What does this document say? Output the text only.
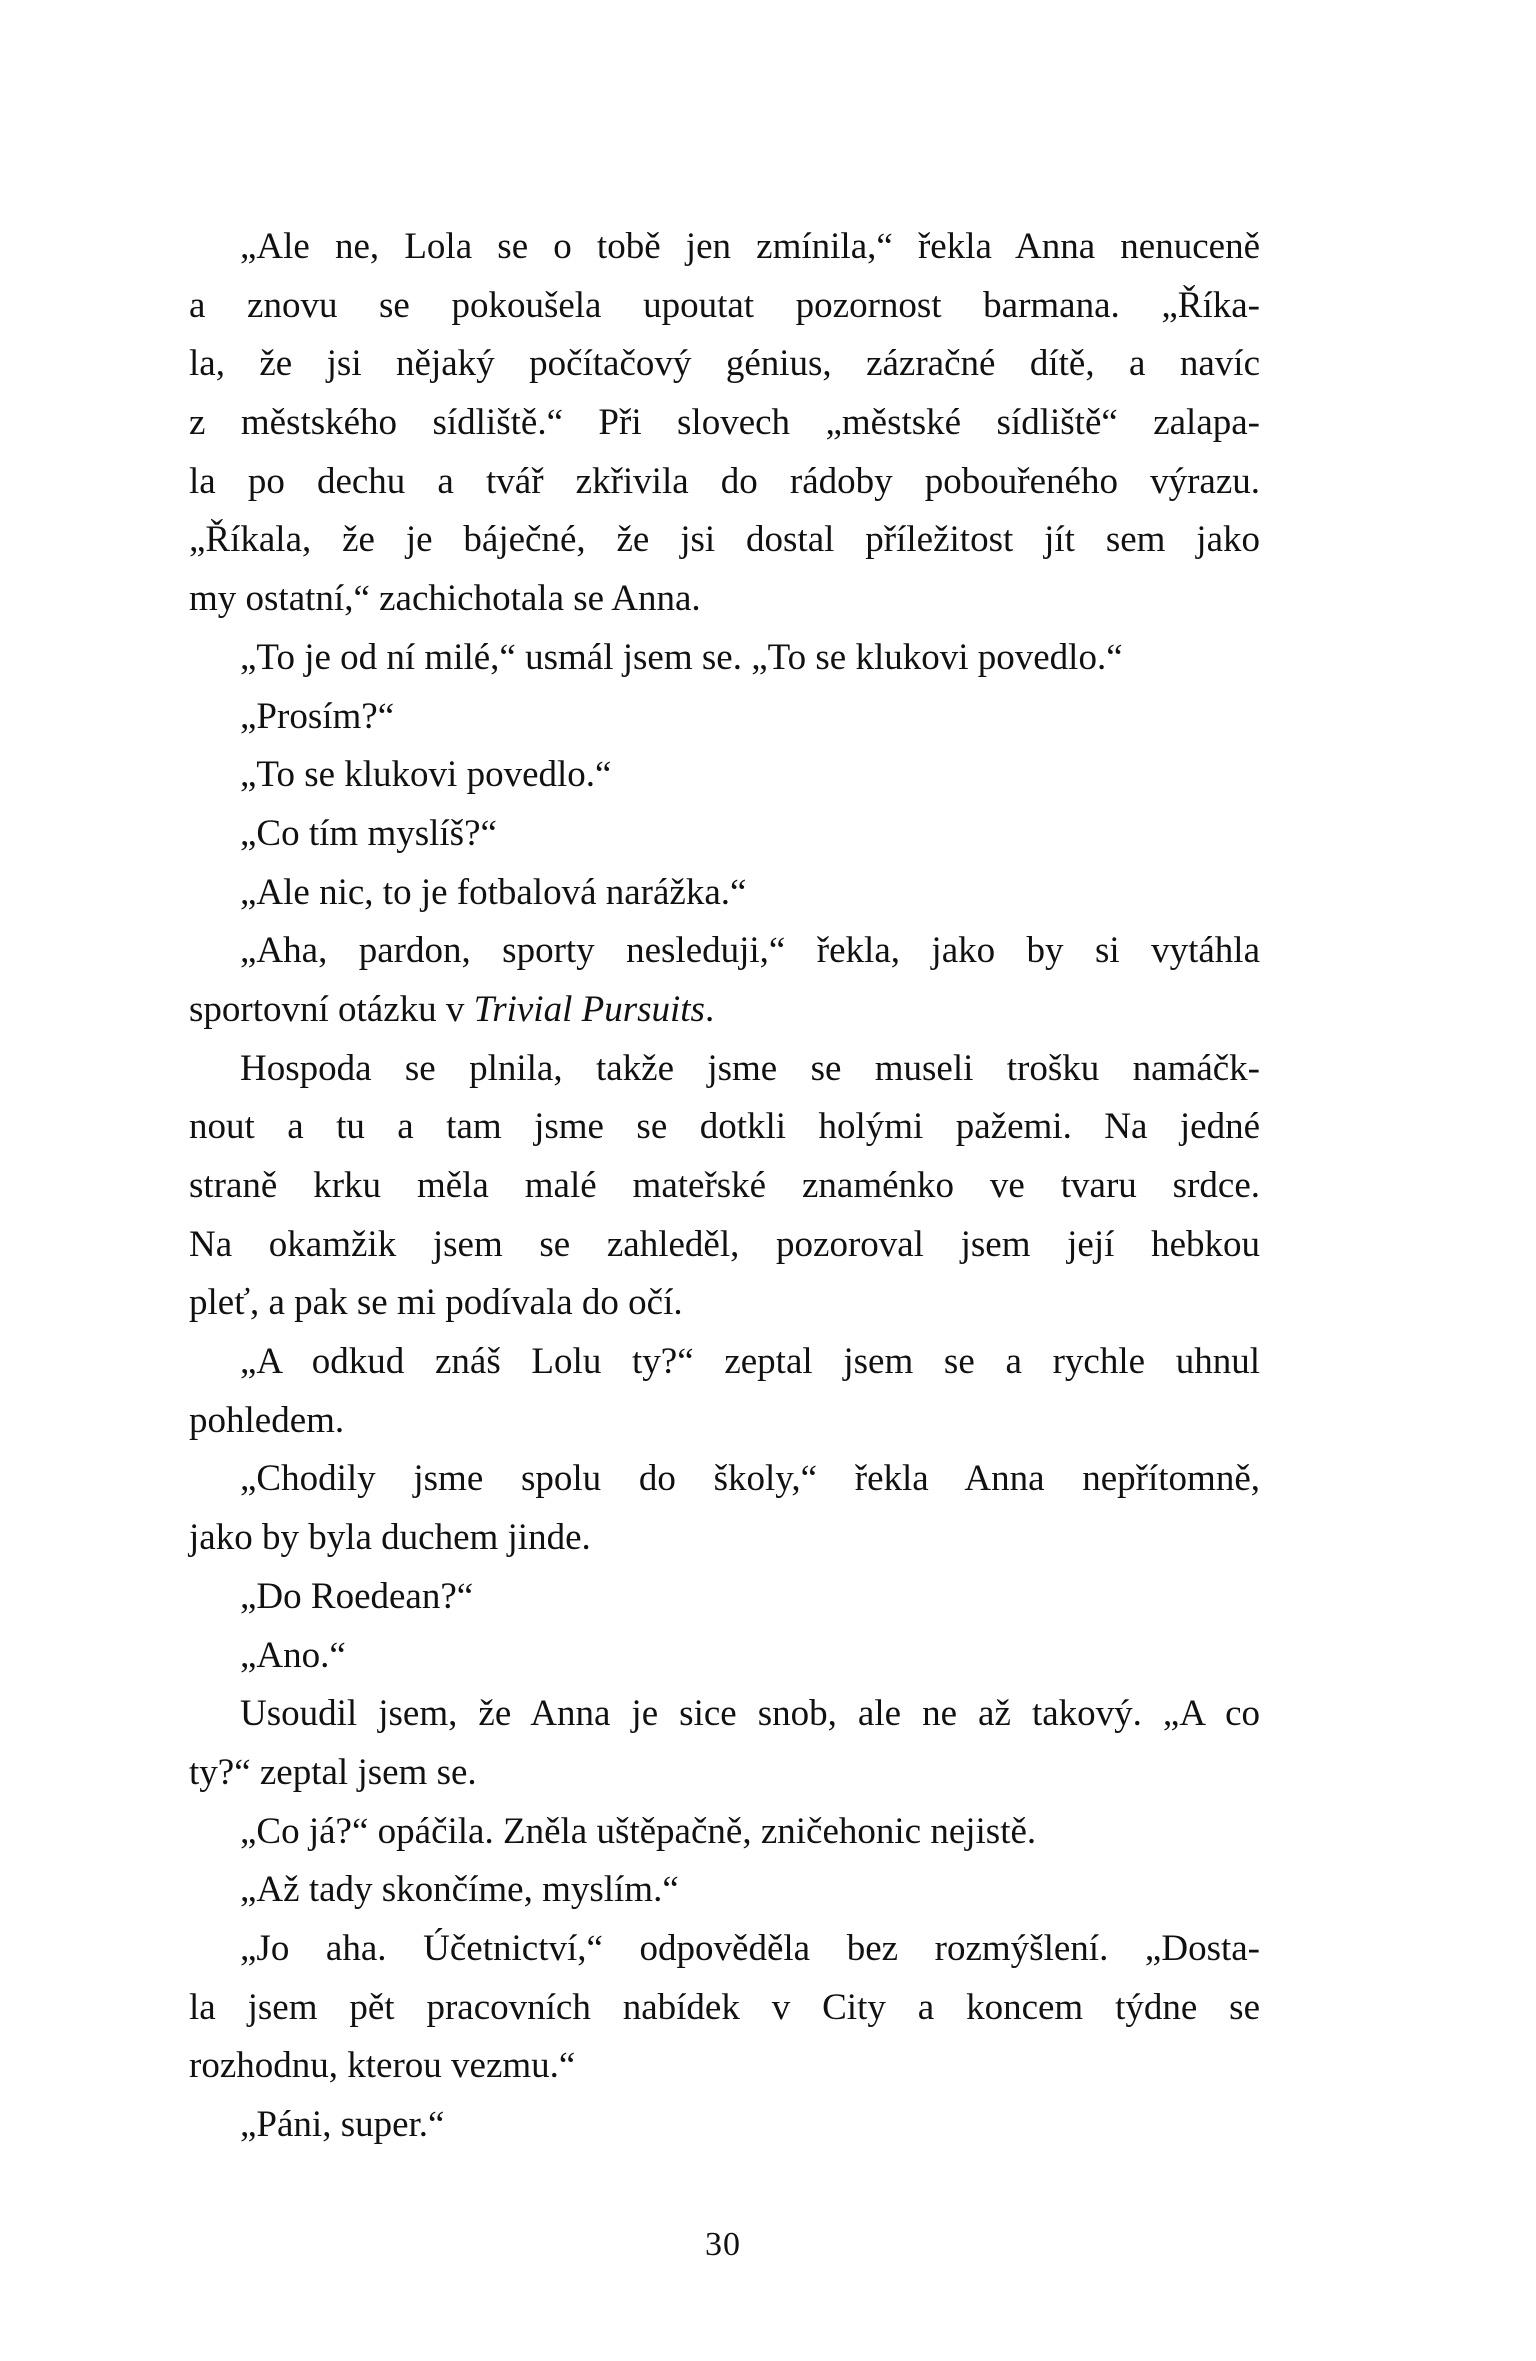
„Ale ne, Lola se o tobě jen zmínila,“ řekla Anna nenuceně
a znovu se pokoušela upoutat pozornost barmana. „Říka-
la, že jsi nějaký počítačový génius, zázračné dítě, a navíc
z městského sídliště.“ Při slovech „městské sídliště“ zalapa-
la po dechu a tvář zkřivila do rádoby pobouřeného výrazu.
„Říkala, že je báječné, že jsi dostal příležitost jít sem jako
my ostatní,“ zachichotala se Anna.
„To je od ní milé,“ usmál jsem se. „To se klukovi povedlo.“
„Prosím?“
„To se klukovi povedlo.“
„Co tím myslíš?“
„Ale nic, to je fotbalová narážka.“
„Aha, pardon, sporty nesleduji,“ řekla, jako by si vytáhla
sportovní otázku v Trivial Pursuits.
Hospoda se plnila, takže jsme se museli trošku namáčk-
nout a tu a tam jsme se dotkli holými pažemi. Na jedné
straně krku měla malé mateřské znaménko ve tvaru srdce.
Na okamžik jsem se zahleděl, pozoroval jsem její hebkou
pleť, a pak se mi podívala do očí.
„A odkud znáš Lolu ty?“ zeptal jsem se a rychle uhnul
pohledem.
„Chodily jsme spolu do školy,“ řekla Anna nepřítomně,
jako by byla duchem jinde.
„Do Roedean?“
„Ano.“
Usoudil jsem, že Anna je sice snob, ale ne až takový. „A co
ty?“ zeptal jsem se.
„Co já?“ opáčila. Zněla uštěpačně, zničehonic nejistě.
„Až tady skončíme, myslím.“
„Jo aha. Účetnictví,“ odpověděla bez rozmýšlení. „Dosta-
la jsem pět pracovních nabídek v City a koncem týdne se
rozhodnu, kterou vezmu.“
„Páni, super.“
30
